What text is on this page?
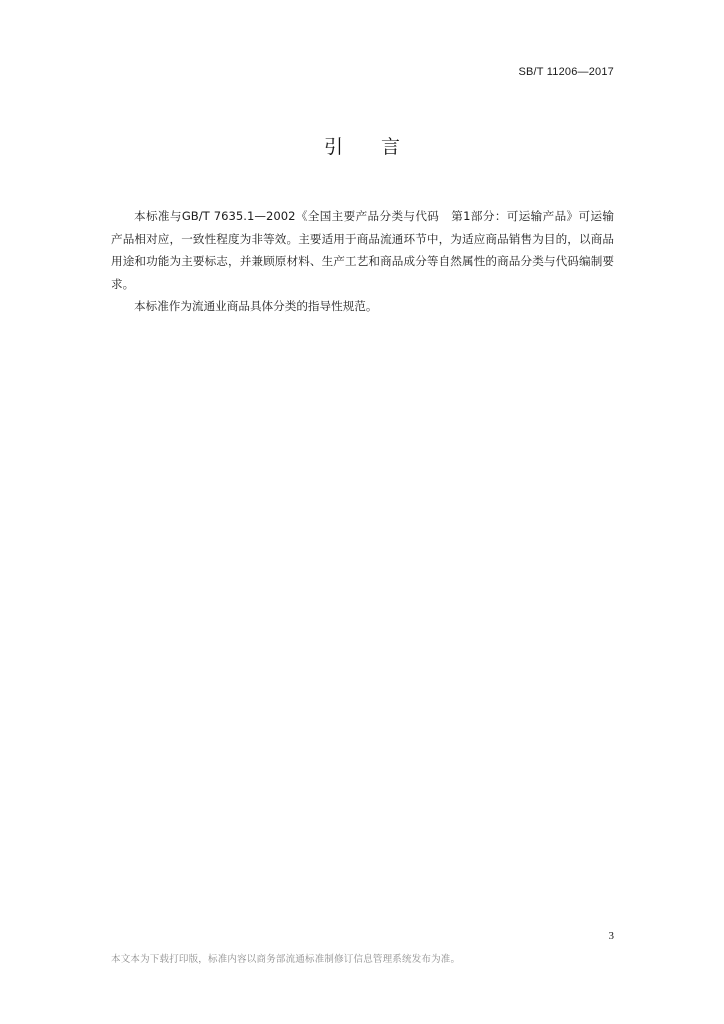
SB/T 11206—2017
引言

本标准与GB/T 7635.1—2002《全国主要产品分类与代码　第1部分：可运输产品》可运输产品相对应，一致性程度为非等效。主要适用于商品流通环节中，为适应商品销售为目的，以商品用途和功能为主要标志，并兼顾原材料、生产工艺和商品成分等自然属性的商品分类与代码编制要求。

本标准作为流通业商品具体分类的指导性规范。

3
本文本为下载打印版，标准内容以商务部流通标准制修订信息管理系统发布为准。
